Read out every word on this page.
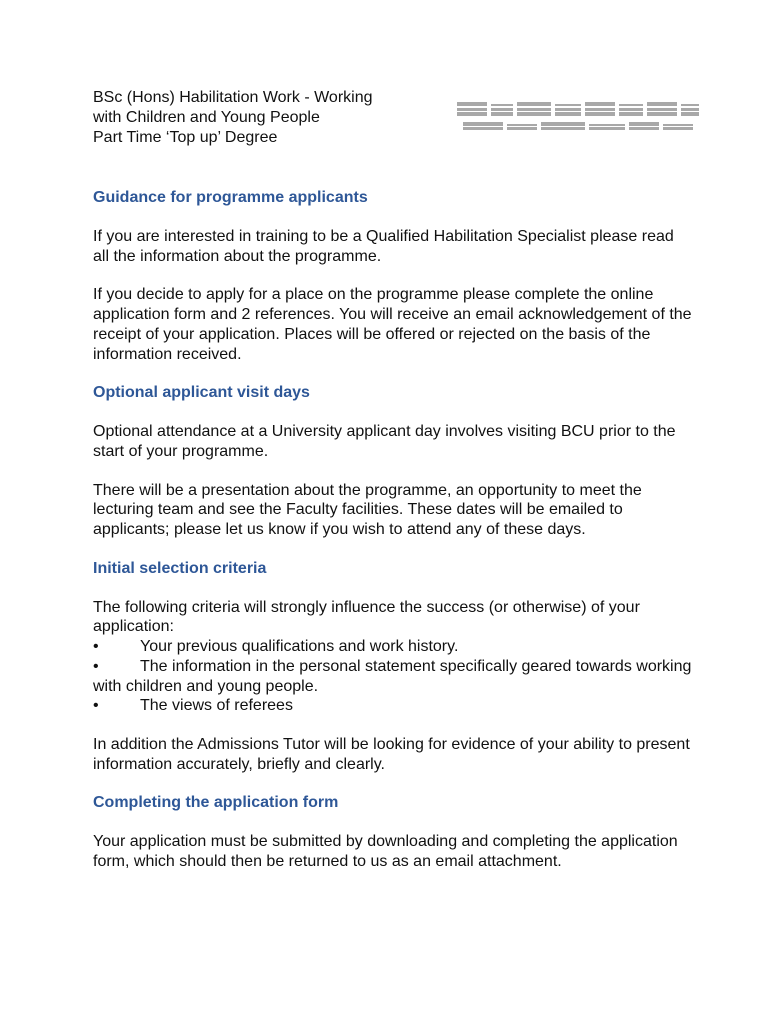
BSc (Hons) Habilitation Work - Working
with Children and Young People
Part Time ‘Top up’ Degree
Guidance for programme applicants

If you are interested in training to be a Qualified Habilitation Specialist please read all the information about the programme.

If you decide to apply for a place on the programme please complete the online application form and 2 references. You will receive an email acknowledgement of the receipt of your application. Places will be offered or rejected on the basis of the information received.

Optional applicant visit days

Optional attendance at a University applicant day involves visiting BCU prior to the start of your programme.

There will be a presentation about the programme, an opportunity to meet the lecturing team and see the Faculty facilities. These dates will be emailed to applicants; please let us know if you wish to attend any of these days.

Initial selection criteria

The following criteria will strongly influence the success (or otherwise) of your application:

•	Your previous qualifications and work history.
•	The information in the personal statement specifically geared towards working with children and young people.
•	The views of referees

In addition the Admissions Tutor will be looking for evidence of your ability to present information accurately, briefly and clearly.

Completing the application form

Your application must be submitted by downloading and completing the application form, which should then be returned to us as an email attachment.
